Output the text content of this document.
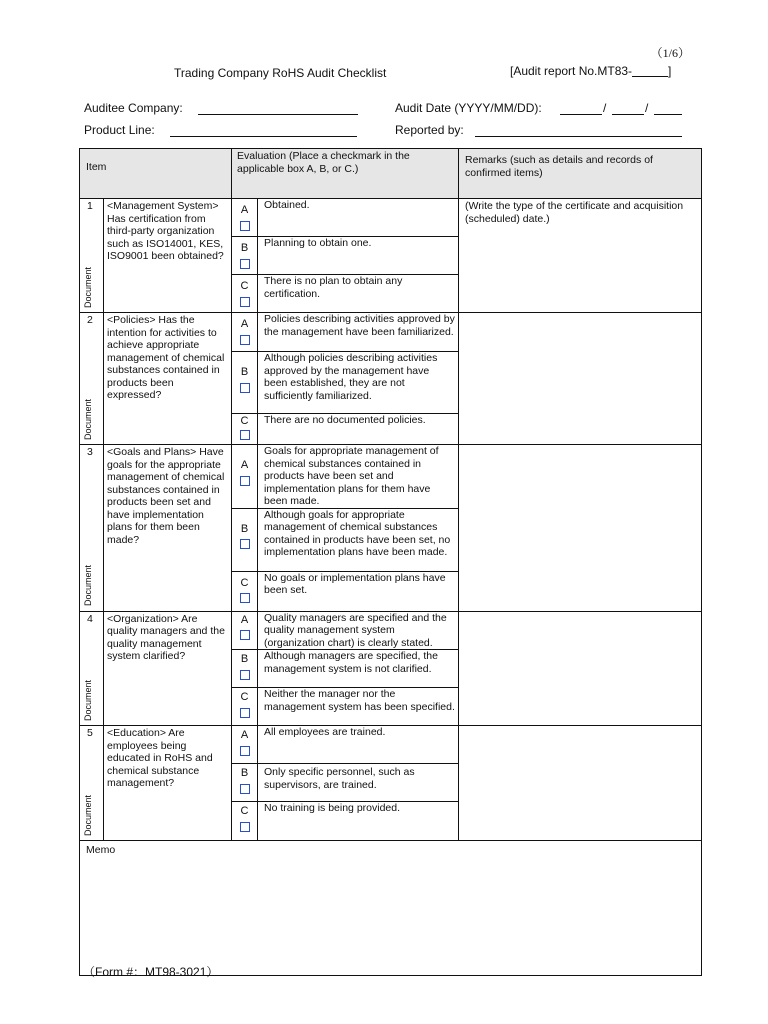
（1/6）
Trading Company RoHS Audit Checklist	[Audit report No.MT83-	]
Auditee Company:	Audit Date (YYYY/MM/DD):	/	/
Product Line:	Reported by:
Item		Evaluation (Place a checkmark in the applicable box A, B, or C.)		Remarks (such as details and records of confirmed items)

1
Document	<Management System> Has certification from third-party organization such as ISO14001, KES, ISO9001 been obtained?	A	Obtained.	(Write the type of the certificate and acquisition (scheduled) date.)

		B	Planning to obtain one.	

		C	There is no plan to obtain any certification.	

2
Document	<Policies> Has the intention for activities to achieve appropriate management of chemical substances contained in products been expressed?	A	Policies describing activities approved by the management have been familiarized.	

		B	Although policies describing activities approved by the management have been established, they are not sufficiently familiarized.	

		C	There are no documented policies.	

3
Document	<Goals and Plans> Have goals for the appropriate management of chemical substances contained in products been set and have implementation plans for them been made?	A	Goals for appropriate management of chemical substances contained in products have been set and implementation plans for them have been made.	

		B	Although goals for appropriate management of chemical substances contained in products have been set, no implementation plans have been made.	

		C	No goals or implementation plans have been set.	

4
Document	<Organization> Are quality managers and the quality management system clarified?	A	Quality managers are specified and the quality management system (organization chart) is clearly stated.	

		B	Although managers are specified, the management system is not clarified.	

		C	Neither the manager nor the management system has been specified.	

5
Document	<Education> Are employees being educated in RoHS and chemical substance management?	A	All employees are trained.	

		B	Only specific personnel, such as supervisors, are trained.	

		C	No training is being provided.	
Memo				
（Form #：MT98-3021）
